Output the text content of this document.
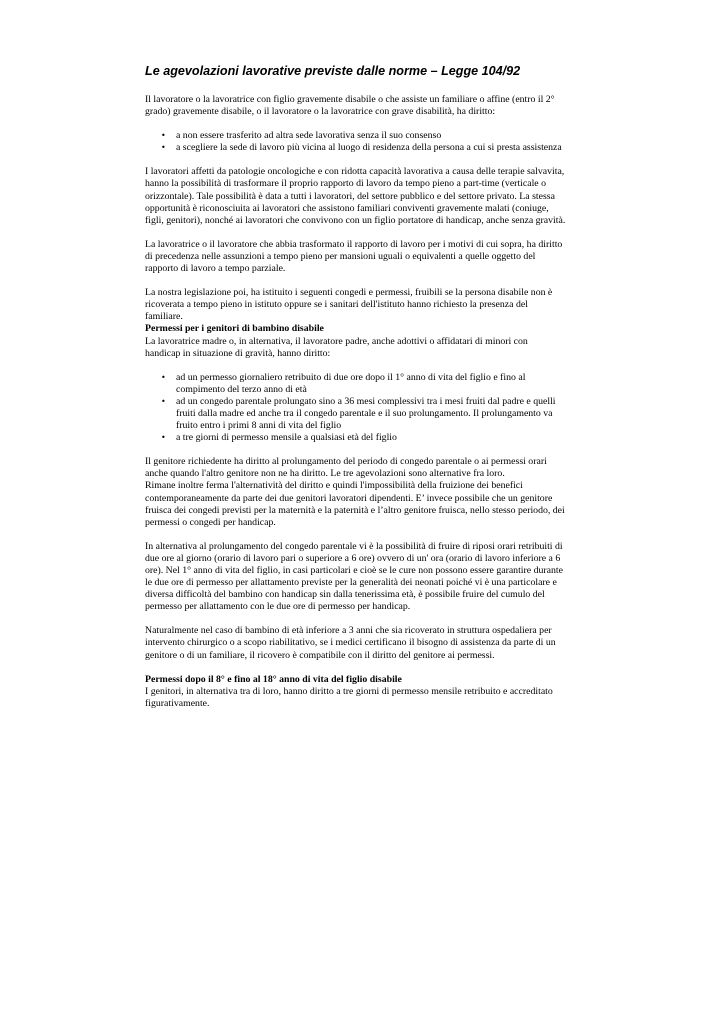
Le agevolazioni lavorative previste dalle norme – Legge 104/92

Il lavoratore o la lavoratrice con figlio gravemente disabile o che assiste un familiare o affine (entro il 2°
grado) gravemente disabile, o il lavoratore o la lavoratrice con grave disabilità, ha diritto:

• a non essere trasferito ad altra sede lavorativa senza il suo consenso
• a scegliere la sede di lavoro più vicina al luogo di residenza della persona a cui si presta assistenza

I lavoratori affetti da patologie oncologiche e con ridotta capacità lavorativa a causa delle terapie salvavita,
hanno la possibilità di trasformare il proprio rapporto di lavoro da tempo pieno a part-time (verticale o
orizzontale). Tale possibilità è data a tutti i lavoratori, del settore pubblico e del settore privato. La stessa
opportunità è riconosciuita ai lavoratori che assistono familiari conviventi gravemente malati (coniuge,
figli, genitori), nonché ai lavoratori che convivono con un figlio portatore di handicap, anche senza gravità.

La lavoratrice o il lavoratore che abbia trasformato il rapporto di lavoro per i motivi di cui sopra, ha diritto
di precedenza nelle assunzioni a tempo pieno per mansioni uguali o equivalenti a quelle oggetto del
rapporto di lavoro a tempo parziale.

La nostra legislazione poi, ha istituito i seguenti congedi e permessi, fruibili se la persona disabile non è
ricoverata a tempo pieno in istituto oppure se i sanitari dell'istituto hanno richiesto la presenza del
familiare.

Permessi per i genitori di bambino disabile
La lavoratrice madre o, in alternativa, il lavoratore padre, anche adottivi o affidatari di minori con
handicap in situazione di gravità, hanno diritto:

• ad un permesso giornaliero retribuito di due ore dopo il 1° anno di vita del figlio e fino al
compimento del terzo anno di età
• ad un congedo parentale prolungato sino a 36 mesi complessivi tra i mesi fruiti dal padre e quelli
fruiti dalla madre ed anche tra il congedo parentale e il suo prolungamento. Il prolungamento va
fruito entro i primi 8 anni di vita del figlio
• a tre giorni di permesso mensile a qualsiasi età del figlio

Il genitore richiedente ha diritto al prolungamento del periodo di congedo parentale o ai permessi orari
anche quando l'altro genitore non ne ha diritto. Le tre agevolazioni sono alternative fra loro.
Rimane inoltre ferma l'alternatività del diritto e quindi l'impossibilità della fruizione dei benefici
contemporaneamente da parte dei due genitori lavoratori dipendenti. E’ invece possibile che un genitore
fruisca dei congedi previsti per la maternità e la paternità e l’altro genitore fruisca, nello stesso periodo, dei
permessi o congedi per handicap.

In alternativa al prolungamento del congedo parentale vi è la possibilità di fruire di riposi orari retribuiti di
due ore al giorno (orario di lavoro pari o superiore a 6 ore) ovvero di un' ora (orario di lavoro inferiore a 6
ore). Nel 1° anno di vita del figlio, in casi particolari e cioè se le cure non possono essere garantire durante
le due ore di permesso per allattamento previste per la generalità dei neonati poiché vi è una particolare e
diversa difficoltà del bambino con handicap sin dalla tenerissima età, è possibile fruire del cumulo del
permesso per allattamento con le due ore di permesso per handicap.

Naturalmente nel caso di bambino di età inferiore a 3 anni che sia ricoverato in struttura ospedaliera per
intervento chirurgico o a scopo riabilitativo, se i medici certificano il bisogno di assistenza da parte di un
genitore o di un familiare, il ricovero è compatibile con il diritto del genitore ai permessi.

Permessi dopo il 8° e fino al 18° anno di vita del figlio disabile
I genitori, in alternativa tra di loro, hanno diritto a tre giorni di permesso mensile retribuito e accreditato
figurativamente.
